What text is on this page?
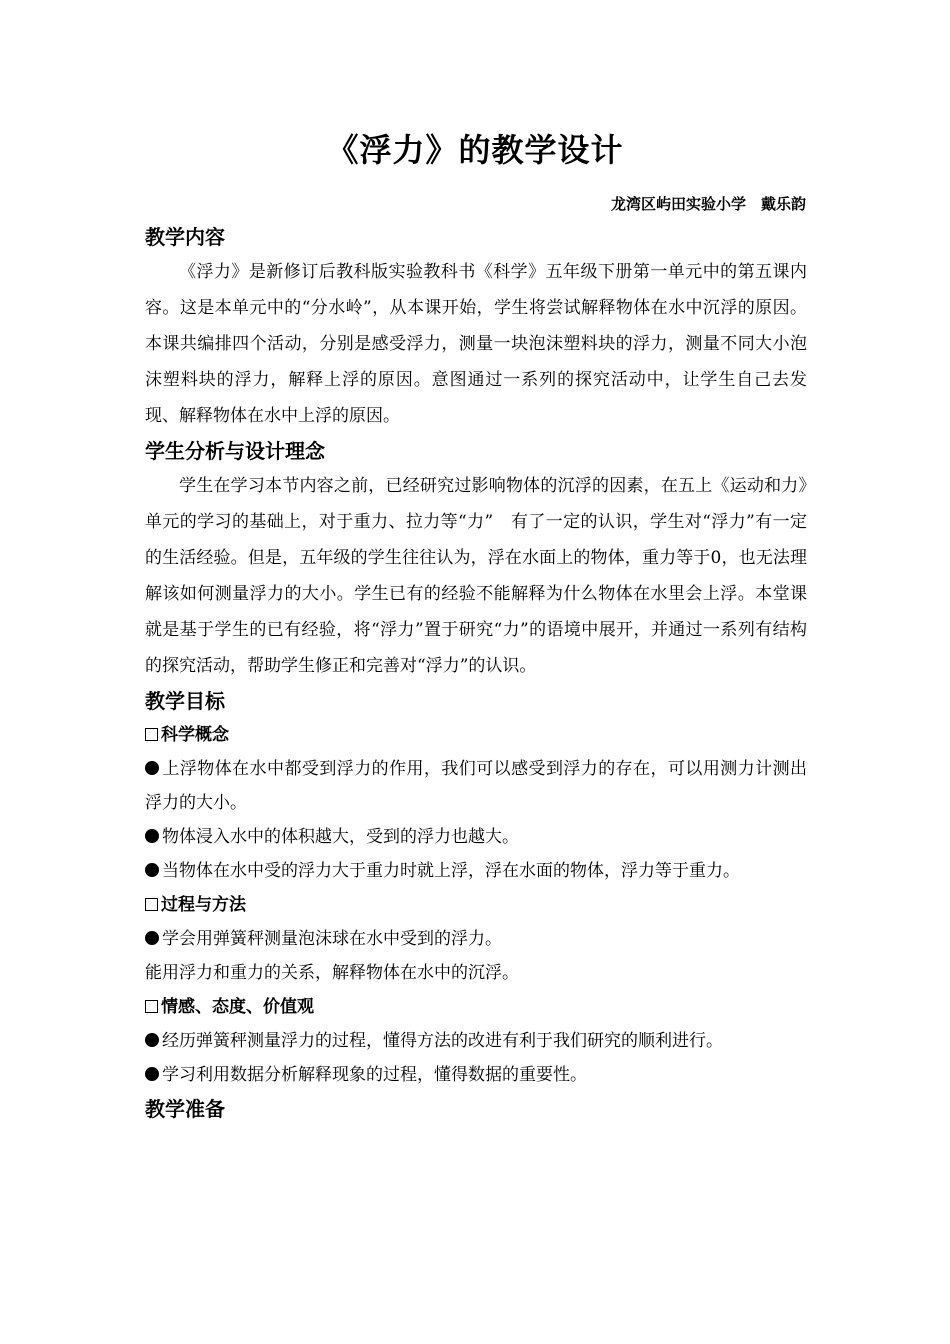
《浮力》的教学设计
龙湾区屿田实验小学　戴乐韵

教学内容

《浮力》是新修订后教科版实验教科书《科学》五年级下册第一单元中的第五课内容。这是本单元中的“分水岭”，从本课开始，学生将尝试解释物体在水中沉浮的原因。本课共编排四个活动，分别是感受浮力，测量一块泡沫塑料块的浮力，测量不同大小泡沫塑料块的浮力，解释上浮的原因。意图通过一系列的探究活动中，让学生自己去发现、解释物体在水中上浮的原因。

学生分析与设计理念

学生在学习本节内容之前，已经研究过影响物体的沉浮的因素，在五上《运动和力》单元的学习的基础上，对于重力、拉力等“力”　有了一定的认识，学生对“浮力”有一定的生活经验。但是，五年级的学生往往认为，浮在水面上的物体，重力等于0，也无法理解该如何测量浮力的大小。学生已有的经验不能解释为什么物体在水里会上浮。本堂课就是基于学生的已有经验，将“浮力”置于研究“力”的语境中展开，并通过一系列有结构的探究活动，帮助学生修正和完善对“浮力”的认识。

教学目标

科学概念

上浮物体在水中都受到浮力的作用，我们可以感受到浮力的存在，可以用测力计测出浮力的大小。

物体浸入水中的体积越大，受到的浮力也越大。

当物体在水中受的浮力大于重力时就上浮，浮在水面的物体，浮力等于重力。

过程与方法

学会用弹簧秤测量泡沫球在水中受到的浮力。

能用浮力和重力的关系，解释物体在水中的沉浮。

情感、态度、价值观

经历弹簧秤测量浮力的过程，懂得方法的改进有利于我们研究的顺利进行。

学习利用数据分析解释现象的过程，懂得数据的重要性。

教学准备
